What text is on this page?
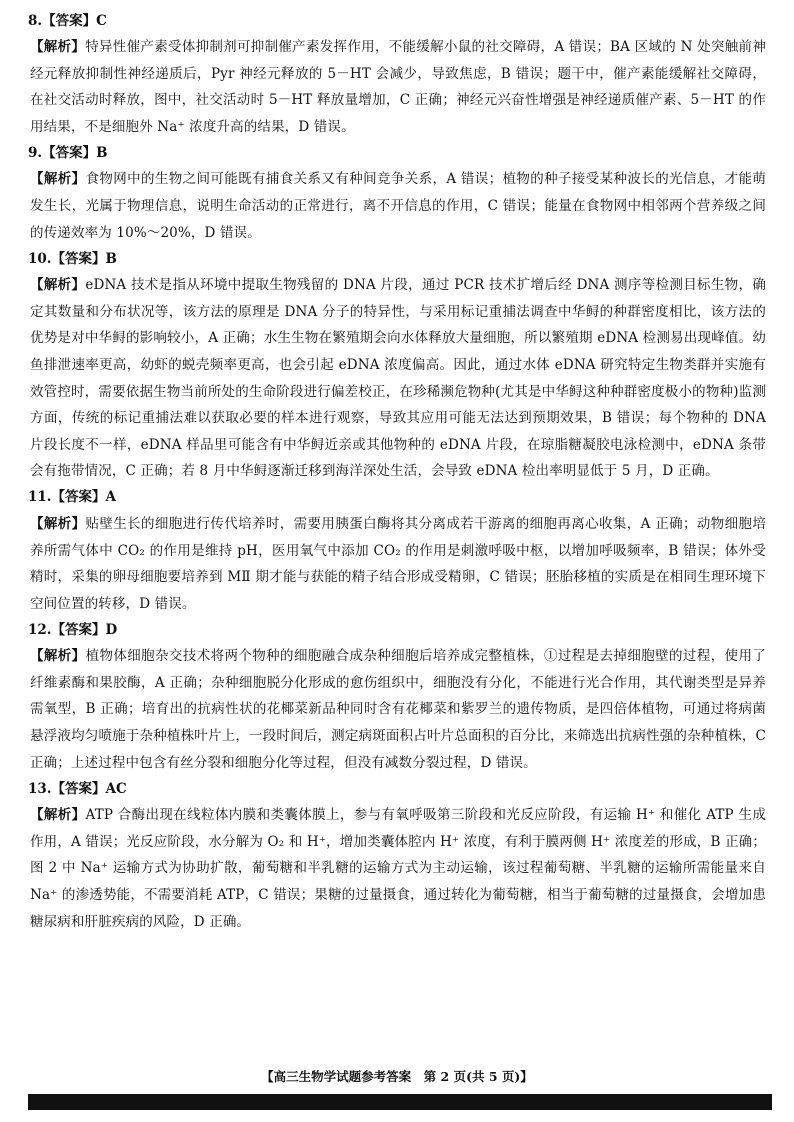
8. 【答案】 C

【解析】特异性催产素受体抑制剂可抑制催产素发挥作用，不能缓解小鼠的社交障碍，A 错误；BA 区域的 N 处突触前神经元释放抑制性神经递质后，Pyr 神经元释放的 5－HT 会减少，导致焦虑，B 错误；题干中，催产素能缓解社交障碍，在社交活动时释放，图中，社交活动时 5－HT 释放量增加，C 正确；神经元兴奋性增强是神经递质催产素、5－HT 的作用结果，不是细胞外 Na⁺ 浓度升高的结果，D 错误。

9. 【答案】 B

【解析】食物网中的生物之间可能既有捕食关系又有种间竞争关系，A 错误；植物的种子接受某种波长的光信息，才能萌发生长，光属于物理信息，说明生命活动的正常进行，离不开信息的作用，C 错误；能量在食物网中相邻两个营养级之间的传递效率为 10%～20%，D 错误。

10. 【答案】 B

【解析】eDNA 技术是指从环境中提取生物残留的 DNA 片段，通过 PCR 技术扩增后经 DNA 测序等检测目标生物，确定其数量和分布状况等，该方法的原理是 DNA 分子的特异性，与采用标记重捕法调查中华鲟的种群密度相比，该方法的优势是对中华鲟的影响较小，A 正确；水生生物在繁殖期会向水体释放大量细胞，所以繁殖期 eDNA 检测易出现峰值。幼鱼排泄速率更高，幼虾的蜕壳频率更高，也会引起 eDNA 浓度偏高。因此，通过水体 eDNA 研究特定生物类群并实施有效管控时，需要依据生物当前所处的生命阶段进行偏差校正，在珍稀濒危物种(尤其是中华鲟这种种群密度极小的物种)监测方面，传统的标记重捕法难以获取必要的样本进行观察，导致其应用可能无法达到预期效果，B 错误；每个物种的 DNA 片段长度不一样，eDNA 样品里可能含有中华鲟近亲或其他物种的 eDNA 片段，在琼脂糖凝胶电泳检测中，eDNA 条带会有拖带情况，C 正确；若 8 月中华鲟逐渐迁移到海洋深处生活，会导致 eDNA 检出率明显低于 5 月，D 正确。

11. 【答案】 A

【解析】贴壁生长的细胞进行传代培养时，需要用胰蛋白酶将其分离成若干游离的细胞再离心收集，A 正确；动物细胞培养所需气体中 CO₂ 的作用是维持 pH，医用氧气中添加 CO₂ 的作用是刺激呼吸中枢，以增加呼吸频率，B 错误；体外受精时，采集的卵母细胞要培养到 MⅡ 期才能与获能的精子结合形成受精卵，C 错误；胚胎移植的实质是在相同生理环境下空间位置的转移，D 错误。

12. 【答案】 D

【解析】植物体细胞杂交技术将两个物种的细胞融合成杂种细胞后培养成完整植株，①过程是去掉细胞壁的过程，使用了纤维素酶和果胶酶，A 正确；杂种细胞脱分化形成的愈伤组织中，细胞没有分化，不能进行光合作用，其代谢类型是异养需氧型，B 正确；培育出的抗病性状的花椰菜新品种同时含有花椰菜和紫罗兰的遗传物质，是四倍体植物，可通过将病菌悬浮液均匀喷施于杂种植株叶片上，一段时间后，测定病斑面积占叶片总面积的百分比，来筛选出抗病性强的杂种植株，C 正确；上述过程中包含有丝分裂和细胞分化等过程，但没有减数分裂过程，D 错误。

13. 【答案】 AC

【解析】ATP 合酶出现在线粒体内膜和类囊体膜上，参与有氧呼吸第三阶段和光反应阶段，有运输 H⁺ 和催化 ATP 生成作用，A 错误；光反应阶段，水分解为 O₂ 和 H⁺，增加类囊体腔内 H⁺ 浓度，有利于膜两侧 H⁺ 浓度差的形成，B 正确；图 2 中 Na⁺ 运输方式为协助扩散，葡萄糖和半乳糖的运输方式为主动运输，该过程葡萄糖、半乳糖的运输所需能量来自 Na⁺ 的渗透势能，不需要消耗 ATP，C 错误；果糖的过量摄食，通过转化为葡萄糖，相当于葡萄糖的过量摄食，会增加患糖尿病和肝脏疾病的风险，D 正确。

【高三生物学试题参考答案　第 2 页(共 5 页)】
